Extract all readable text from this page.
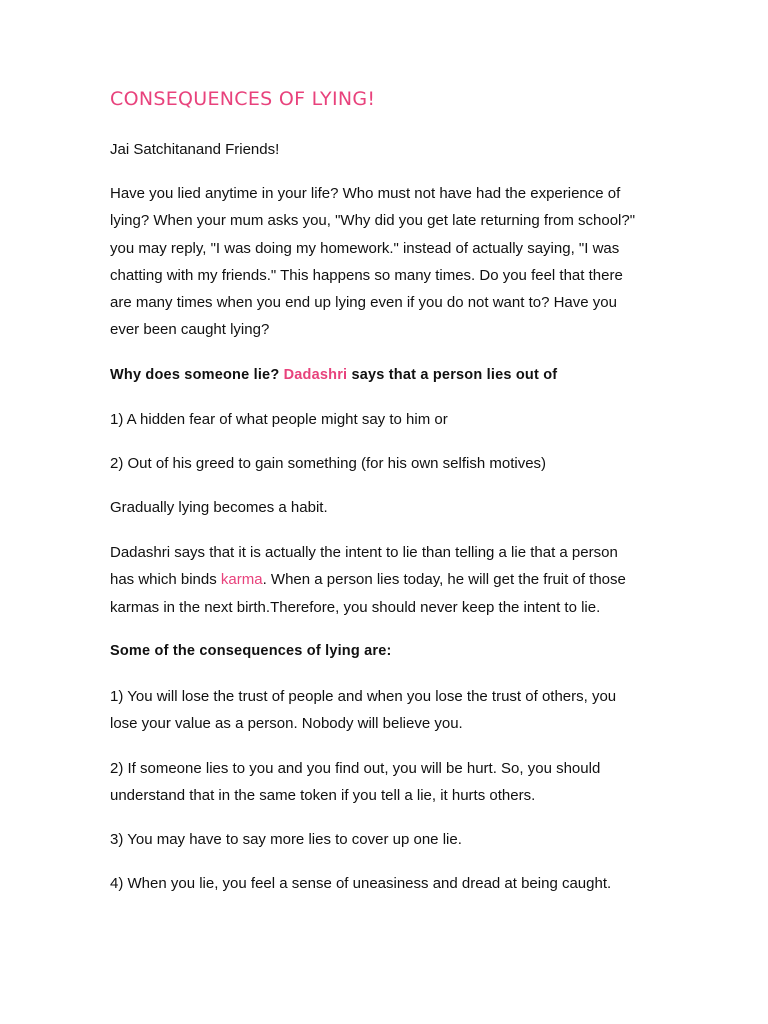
CONSEQUENCES OF LYING!

Jai Satchitanand Friends!

Have you lied anytime in your life? Who must not have had the experience of
lying? When your mum asks you, "Why did you get late returning from school?"
you may reply, "I was doing my homework." instead of actually saying, "I was
chatting with my friends." This happens so many times. Do you feel that there
are many times when you end up lying even if you do not want to? Have you
ever been caught lying?

Why does someone lie? Dadashri says that a person lies out of

1) A hidden fear of what people might say to him or

2) Out of his greed to gain something (for his own selfish motives)

Gradually lying becomes a habit.

Dadashri says that it is actually the intent to lie than telling a lie that a person
has which binds karma. When a person lies today, he will get the fruit of those
karmas in the next birth.Therefore, you should never keep the intent to lie.

Some of the consequences of lying are:

1) You will lose the trust of people and when you lose the trust of others, you
lose your value as a person. Nobody will believe you.

2) If someone lies to you and you find out, you will be hurt. So, you should
understand that in the same token if you tell a lie, it hurts others.

3) You may have to say more lies to cover up one lie.

4) When you lie, you feel a sense of uneasiness and dread at being caught.
